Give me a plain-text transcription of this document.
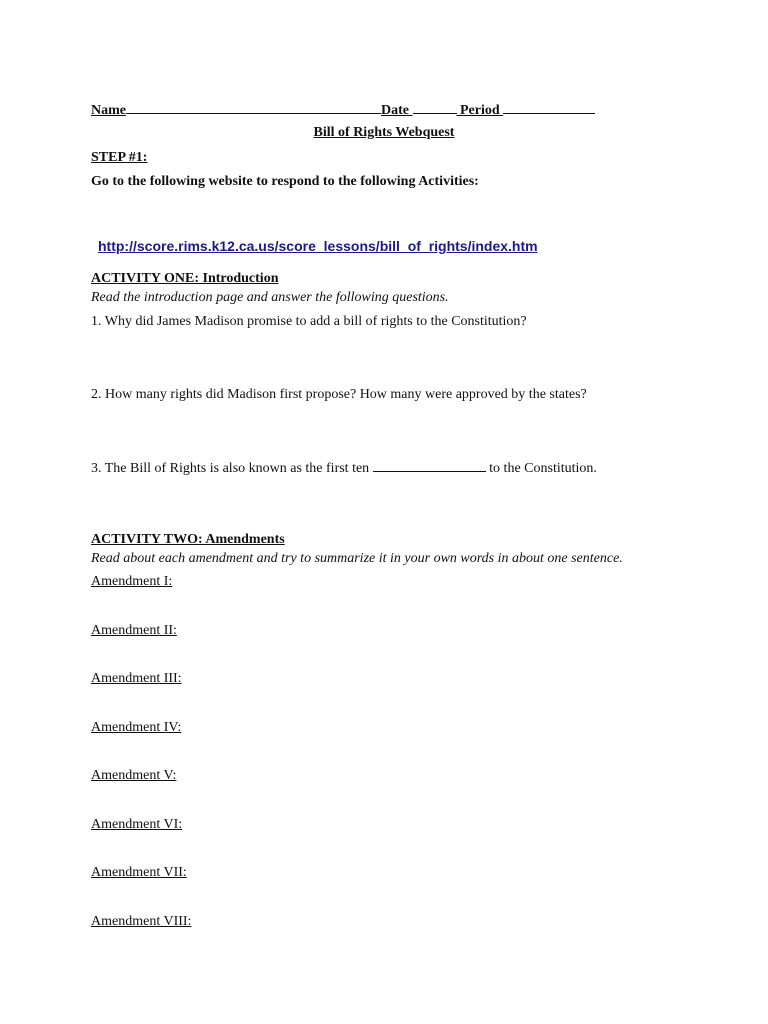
Name	Date	Period
Bill of Rights Webquest
STEP #1:
Go to the following website to respond to the following Activities:

http://score.rims.k12.ca.us/score_lessons/bill_of_rights/index.htm

ACTIVITY ONE: Introduction
Read the introduction page and answer the following questions.
1. Why did James Madison promise to add a bill of rights to the Constitution?
2. How many rights did Madison first propose? How many were approved by the states?
3. The Bill of Rights is also known as the first ten	to the Constitution.
ACTIVITY TWO: Amendments
Read about each amendment and try to summarize it in your own words in about one sentence.
Amendment I:
Amendment II:
Amendment III:
Amendment IV:
Amendment V:
Amendment VI:
Amendment VII:
Amendment VIII:
